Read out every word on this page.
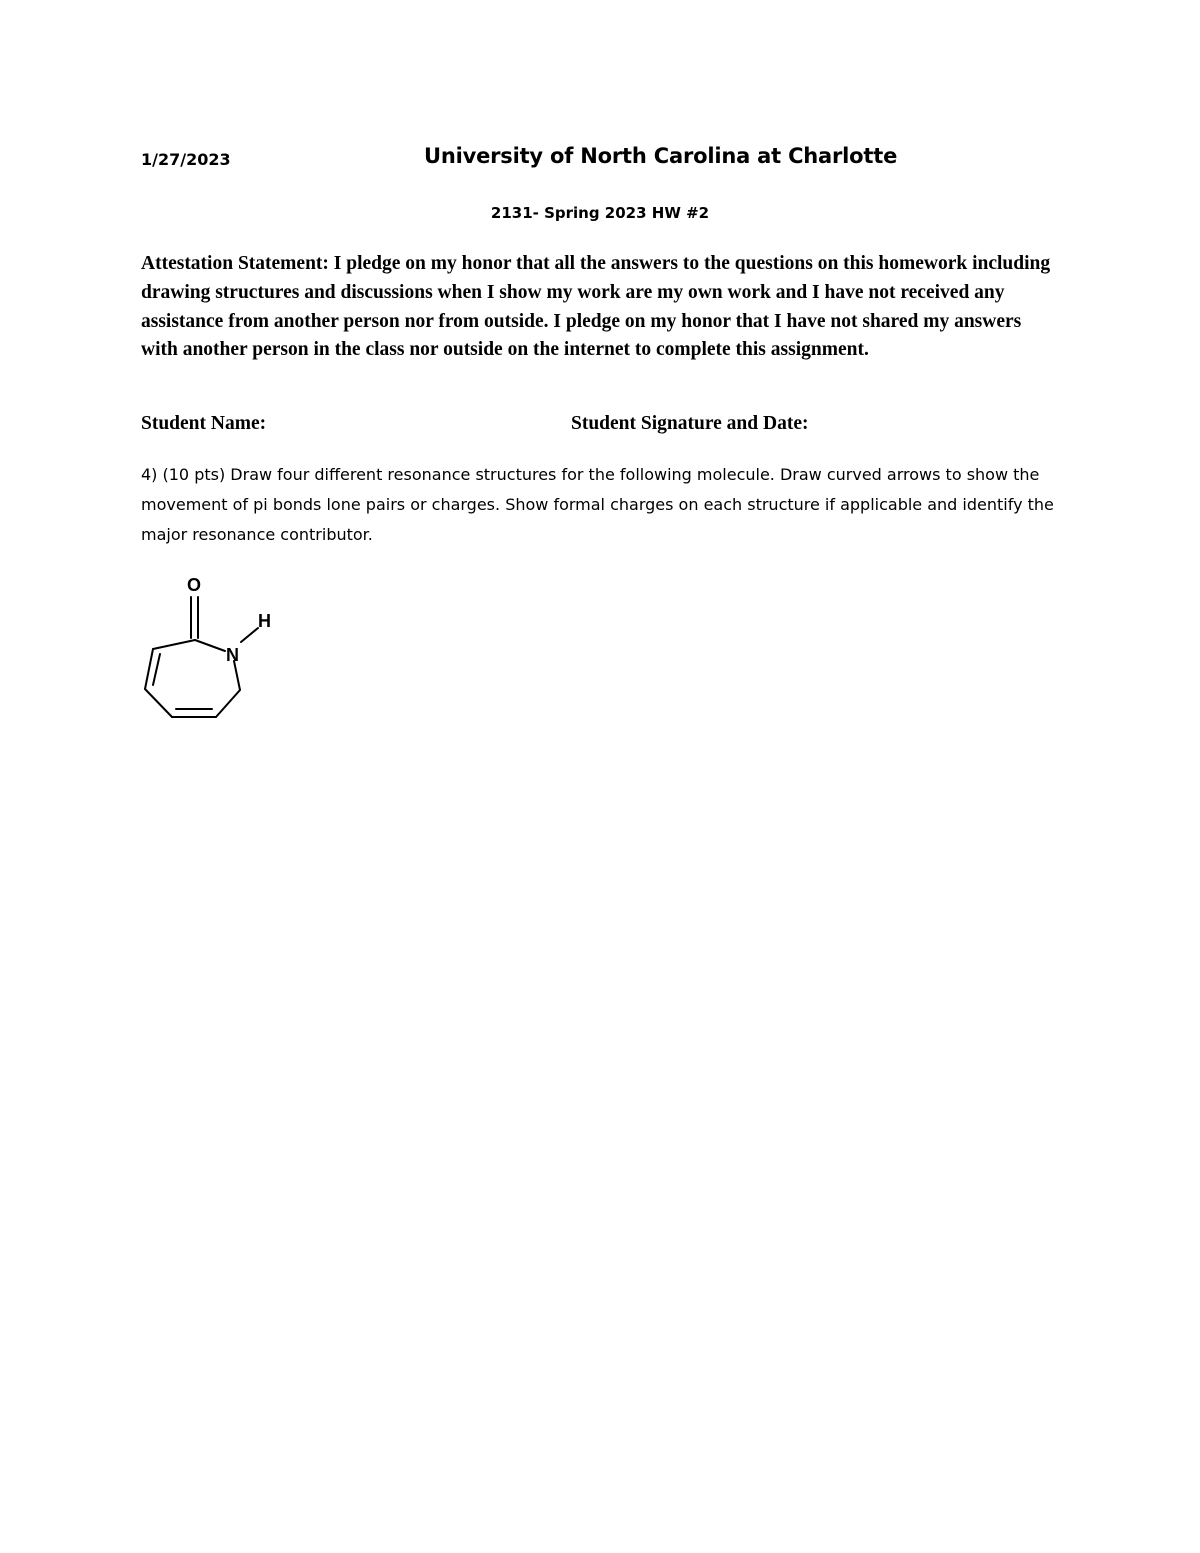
1/27/2023	University of North Carolina at Charlotte
2131- Spring 2023 HW #2
Attestation Statement: I pledge on my honor that all the answers to the questions on this homework including drawing structures and discussions when I show my work are my own work and I have not received any assistance from another person nor from outside. I pledge on my honor that I have not shared my answers with another person in the class nor outside on the internet to complete this assignment.
Student Name:	Student Signature and Date:
4) (10 pts) Draw four different resonance structures for the following molecule. Draw curved arrows to show the movement of pi bonds lone pairs or charges. Show formal charges on each structure if applicable and identify the major resonance contributor.
O
N
H
